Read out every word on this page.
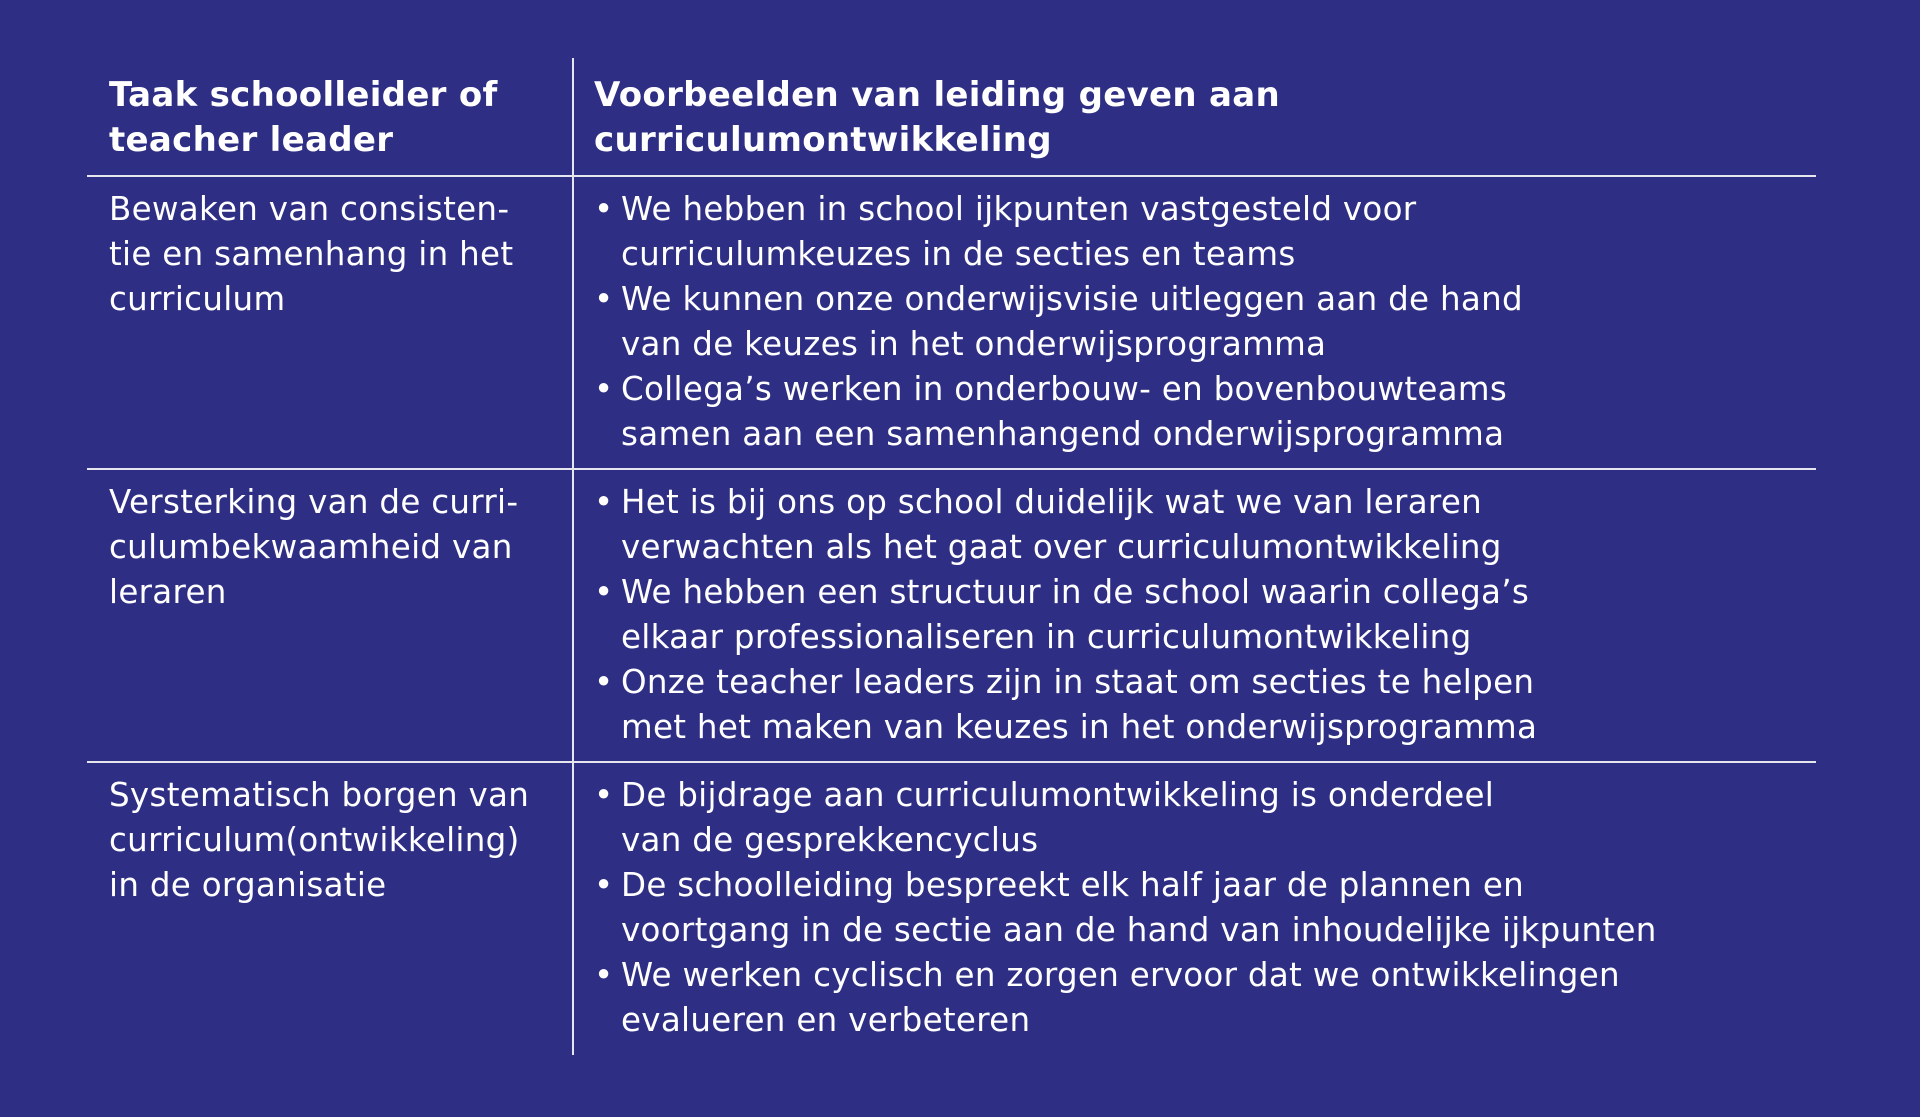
Taak schoolleider of
teacher leader
Voorbeelden van leiding geven aan
curriculumontwikkeling
Bewaken van consisten-
tie en samenhang in het
curriculum
• We hebben in school ijkpunten vastgesteld voor
curriculumkeuzes in de secties en teams
• We kunnen onze onderwijsvisie uitleggen aan de hand
van de keuzes in het onderwijsprogramma
• Collega’s werken in onderbouw- en bovenbouwteams
samen aan een samenhangend onderwijsprogramma
Versterking van de curri-
culumbekwaamheid van
leraren
• Het is bij ons op school duidelijk wat we van leraren
verwachten als het gaat over curriculumontwikkeling
• We hebben een structuur in de school waarin collega’s
elkaar professionaliseren in curriculumontwikkeling
• Onze teacher leaders zijn in staat om secties te helpen
met het maken van keuzes in het onderwijsprogramma
Systematisch borgen van
curriculum(ontwikkeling)
in de organisatie
• De bijdrage aan curriculumontwikkeling is onderdeel
van de gesprekkencyclus
• De schoolleiding bespreekt elk half jaar de plannen en
voortgang in de sectie aan de hand van inhoudelijke ijkpunten
• We werken cyclisch en zorgen ervoor dat we ontwikkelingen
evalueren en verbeteren
